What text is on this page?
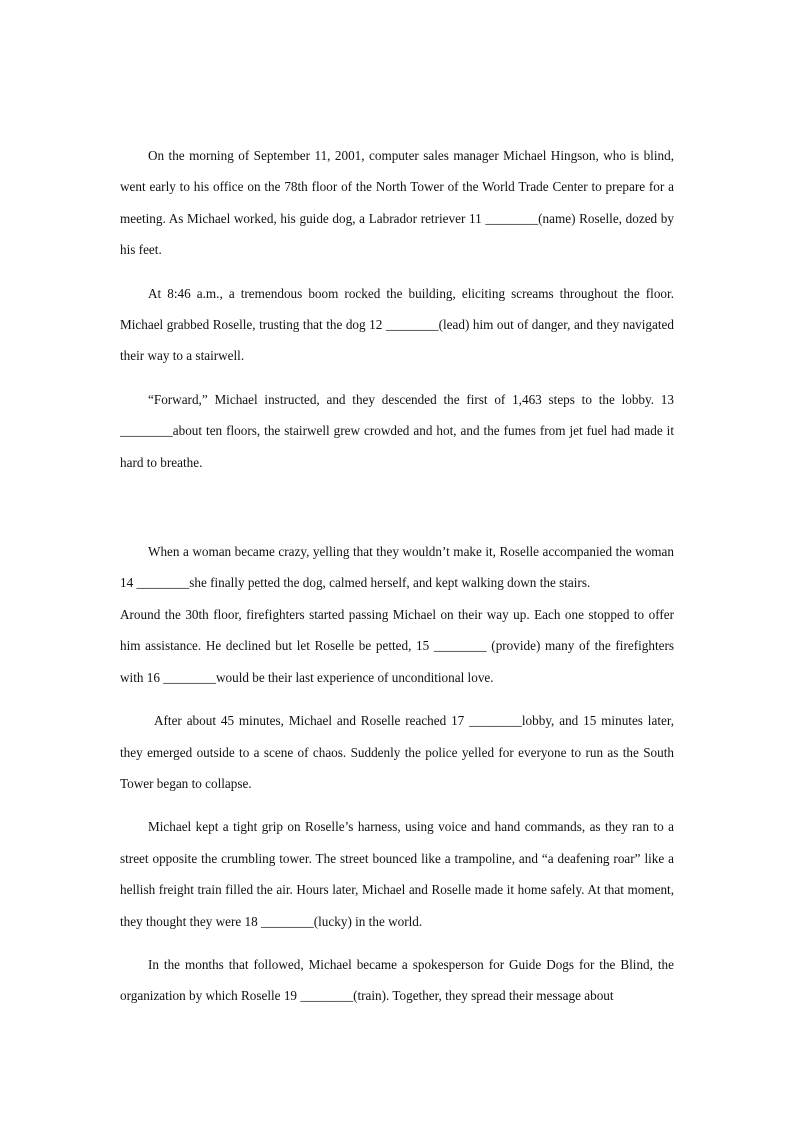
On the morning of September 11, 2001, computer sales manager Michael Hingson, who is blind, went early to his office on the 78th floor of the North Tower of the World Trade Center to prepare for a meeting. As Michael worked, his guide dog, a Labrador retriever 11 ________(name) Roselle, dozed by his feet.

At 8:46 a.m., a tremendous boom rocked the building, eliciting screams throughout the floor. Michael grabbed Roselle, trusting that the dog 12 ________(lead) him out of danger, and they navigated their way to a stairwell.

“Forward,” Michael instructed, and they descended the first of 1,463 steps to the lobby. 13 ________about ten floors, the stairwell grew crowded and hot, and the fumes from jet fuel had made it hard to breathe.

When a woman became crazy, yelling that they wouldn’t make it, Roselle accompanied the woman 14 ________she finally petted the dog, calmed herself, and kept walking down the stairs.

Around the 30th floor, firefighters started passing Michael on their way up. Each one stopped to offer him assistance. He declined but let Roselle be petted, 15 ________ (provide) many of the firefighters with 16 ________would be their last experience of unconditional love.

After about 45 minutes, Michael and Roselle reached 17 ________lobby, and 15 minutes later, they emerged outside to a scene of chaos. Suddenly the police yelled for everyone to run as the South Tower began to collapse.

Michael kept a tight grip on Roselle’s harness, using voice and hand commands, as they ran to a street opposite the crumbling tower. The street bounced like a trampoline, and “a deafening roar” like a hellish freight train filled the air. Hours later, Michael and Roselle made it home safely. At that moment, they thought they were 18 ________(lucky) in the world.

In the months that followed, Michael became a spokesperson for Guide Dogs for the Blind, the organization by which Roselle 19 ________(train). Together, they spread their message about
